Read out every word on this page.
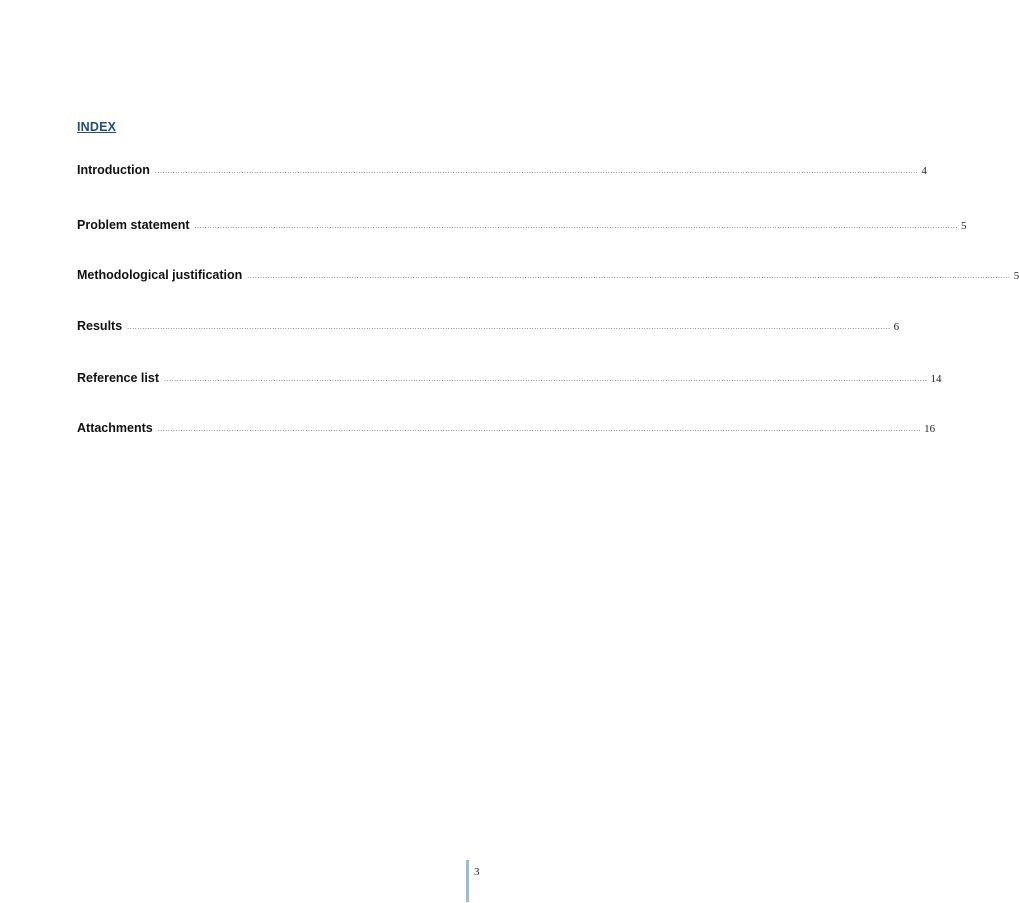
INDEX
Introduction ............................................................................................................................................................................................................................................................................................................ 4
Problem statement ............................................................................................................................................................................................................................................................................................................ 5
Methodological justification ............................................................................................................................................................................................................................................................................................................ 5
Results ............................................................................................................................................................................................................................................................................................................ 6
Reference list ............................................................................................................................................................................................................................................................................................................ 14
Attachments ............................................................................................................................................................................................................................................................................................................ 16
3
